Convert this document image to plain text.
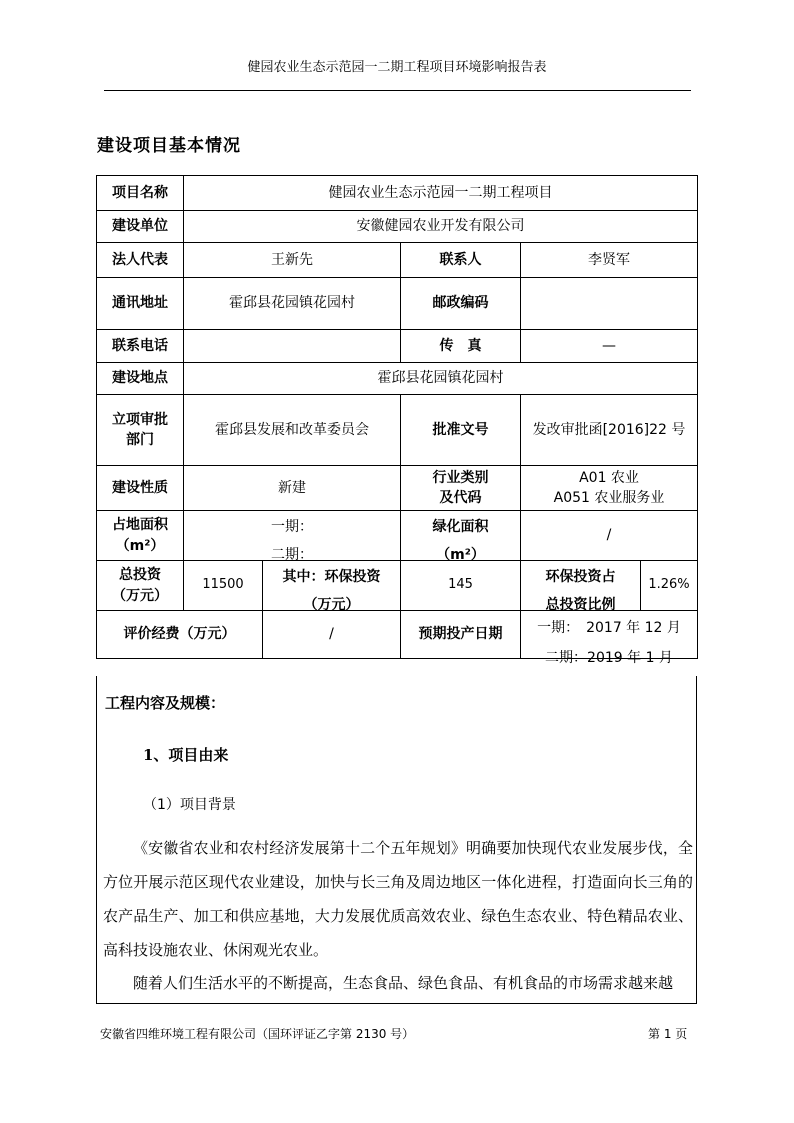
健园农业生态示范园一二期工程项目环境影响报告表
建设项目基本情况
项目名称	健园农业生态示范园一二期工程项目				
建设单位	安徽健园农业开发有限公司				
法人代表	王新先		联系人	李贤军	
通讯地址	霍邱县花园镇花园村		邮政编码		
联系电话			传　真	—	
建设地点	霍邱县花园镇花园村				

立项审批
部门	霍邱县发展和改革委员会		批准文号	发改审批函[2016]22 号	
建设性质	新建		行业类别
及代码	A01 农业
A051 农业服务业	

占地面积
（m²）	一期：
二期：		绿化面积
（m²）	/	

总投资
（万元）	11500	其中：环保投资
（万元）	145	环保投资占
总投资比例	1.26%
评价经费（万元）		/	预期投产日期	一期：　2017 年 12 月
二期：2019 年 1 月	
工程内容及规模：
1、项目由来
（1）项目背景
《安徽省农业和农村经济发展第十二个五年规划》明确要加快现代农业发展步伐，全方位开展示范区现代农业建设，加快与长三角及周边地区一体化进程，打造面向长三角的农产品生产、加工和供应基地，大力发展优质高效农业、绿色生态农业、特色精品农业、高科技设施农业、休闲观光农业。
随着人们生活水平的不断提高，生态食品、绿色食品、有机食品的市场需求越来越
安徽省四维环境工程有限公司（国环评证乙字第 2130 号）	第 1 页
